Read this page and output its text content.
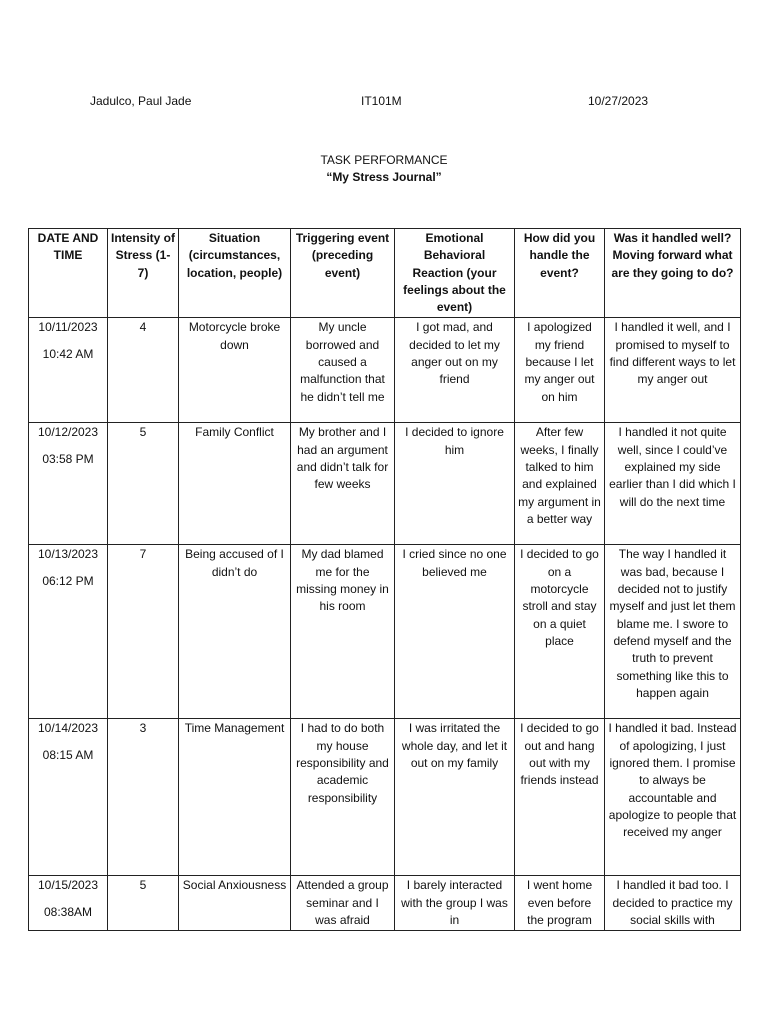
Jadulco, Paul Jade	IT101M	10/27/2023
TASK PERFORMANCE
“My Stress Journal”
DATE AND TIME	Intensity of Stress (1-7)	Situation (circumstances, location, people)	Triggering event (preceding event)	Emotional Behavioral Reaction (your feelings about the event)	How did you handle the event?	Was it handled well? Moving forward what are they going to do?
10/11/2023
10:42 AM	4	Motorcycle broke down	My uncle borrowed and caused a malfunction that he didn’t tell me	I got mad, and decided to let my anger out on my friend	I apologized my friend because I let my anger out on him	I handled it well, and I promised to myself to find different ways to let my anger out
10/12/2023
03:58 PM	5	Family Conflict	My brother and I had an argument and didn’t talk for few weeks	I decided to ignore him	After few weeks, I finally talked to him and explained my argument in a better way	I handled it not quite well, since I could’ve explained my side earlier than I did which I will do the next time
10/13/2023
06:12 PM	7	Being accused of I didn’t do	My dad blamed me for the missing money in his room	I cried since no one believed me	I decided to go on a motorcycle stroll and stay on a quiet place	The way I handled it was bad, because I decided not to justify myself and just let them blame me. I swore to defend myself and the truth to prevent something like this to happen again
10/14/2023
08:15 AM	3	Time Management	I had to do both my house responsibility and academic responsibility	I was irritated the whole day, and let it out on my family	I decided to go out and hang out with my friends instead	I handled it bad. Instead of apologizing, I just ignored them. I promise to always be accountable and apologize to people that received my anger
10/15/2023
08:38AM	5	Social Anxiousness	Attended a group seminar and I was afraid	I barely interacted with the group I was in	I went home even before the program	I handled it bad too. I decided to practice my social skills with
